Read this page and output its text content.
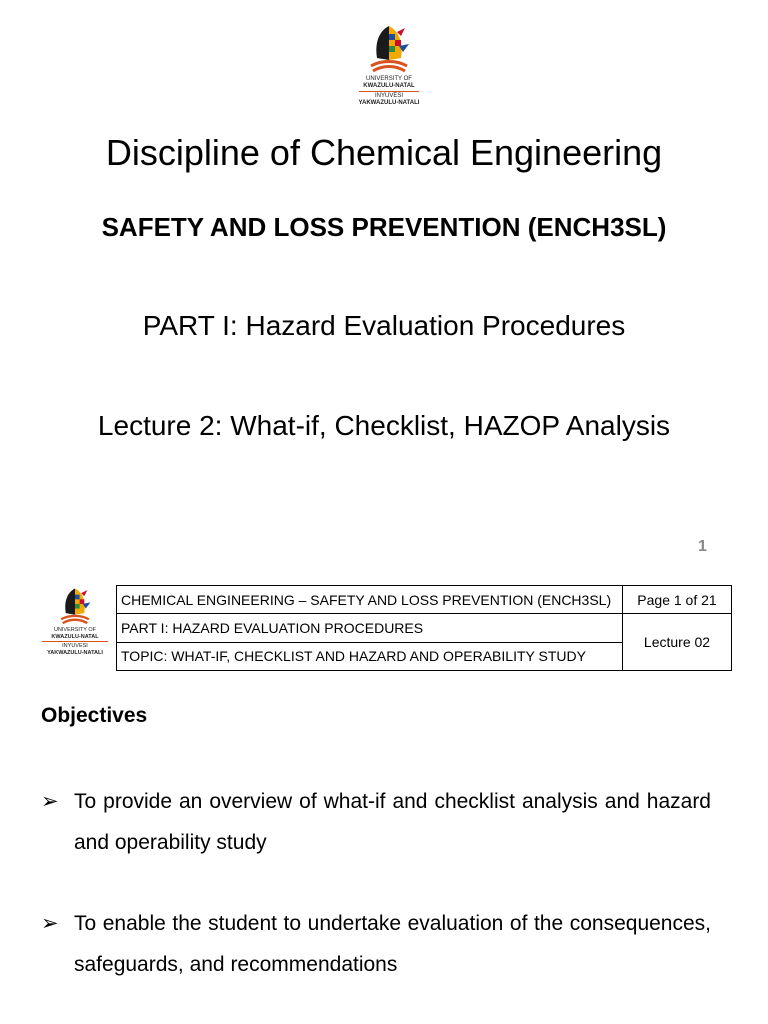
UNIVERSITY OF
KWAZULU-NATAL
INYUVESI
YAKWAZULU-NATALI
Discipline of Chemical Engineering
SAFETY AND LOSS PREVENTION (ENCH3SL)
PART I: Hazard Evaluation Procedures
Lecture 2: What-if, Checklist, HAZOP Analysis
1
UNIVERSITY OF
KWAZULU-NATAL
INYUVESI
YAKWAZULU-NATALI
CHEMICAL ENGINEERING – SAFETY AND LOSS PREVENTION (ENCH3SL)	Page 1 of 21
PART I: HAZARD EVALUATION PROCEDURES	Lecture 02
TOPIC: WHAT-IF, CHECKLIST AND HAZARD AND OPERABILITY STUDY	
Objectives
➢ To provide an overview of what-if and checklist analysis and hazard and operability study
➢ To enable the student to undertake evaluation of the consequences, safeguards, and recommendations
